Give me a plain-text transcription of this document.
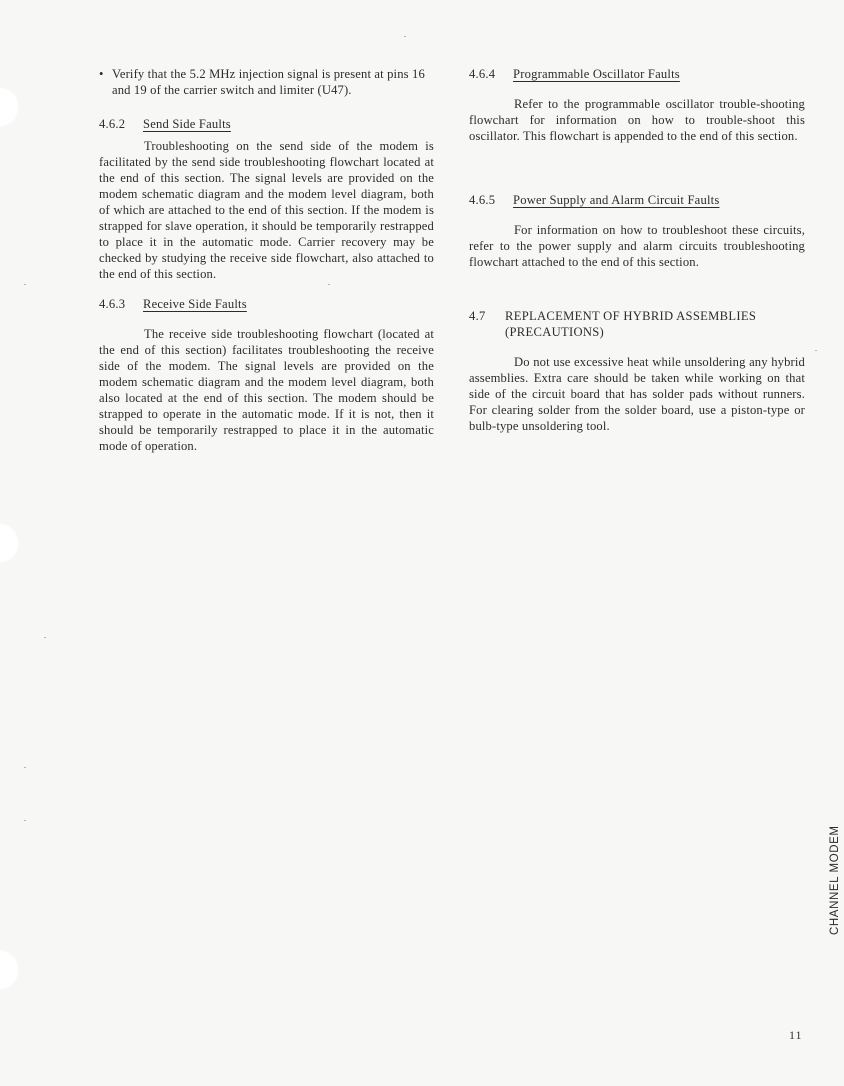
• Verify that the 5.2 MHz injection signal is present at pins 16 and 19 of the carrier switch and limiter (U47).
4.6.2 Send Side Faults

Troubleshooting on the send side of the modem is facilitated by the send side troubleshooting flowchart located at the end of this section. The signal levels are provided on the modem schematic diagram and the modem level diagram, both of which are attached to the end of this section. If the modem is strapped for slave operation, it should be temporarily restrapped to place it in the automatic mode. Carrier recovery may be checked by studying the receive side flowchart, also attached to the end of this section.

4.6.3 Receive Side Faults

The receive side troubleshooting flowchart (located at the end of this section) facilitates troubleshooting the receive side of the modem. The signal levels are provided on the modem schematic diagram and the modem level diagram, both also located at the end of this section. The modem should be strapped to operate in the automatic mode. If it is not, then it should be temporarily restrapped to place it in the automatic mode of operation.

4.6.4 Programmable Oscillator Faults

Refer to the programmable oscillator trouble-shooting flowchart for information on how to trouble-shoot this oscillator. This flowchart is appended to the end of this section.

4.6.5 Power Supply and Alarm Circuit Faults

For information on how to troubleshoot these circuits, refer to the power supply and alarm circuits troubleshooting flowchart attached to the end of this section.

4.7	REPLACEMENT OF HYBRID ASSEMBLIES
(PRECAUTIONS)

Do not use excessive heat while unsoldering any hybrid assemblies. Extra care should be taken while working on that side of the circuit board that has solder pads without runners. For clearing solder from the solder board, use a piston-type or bulb-type unsoldering tool.

CHANNEL MODEM
11
